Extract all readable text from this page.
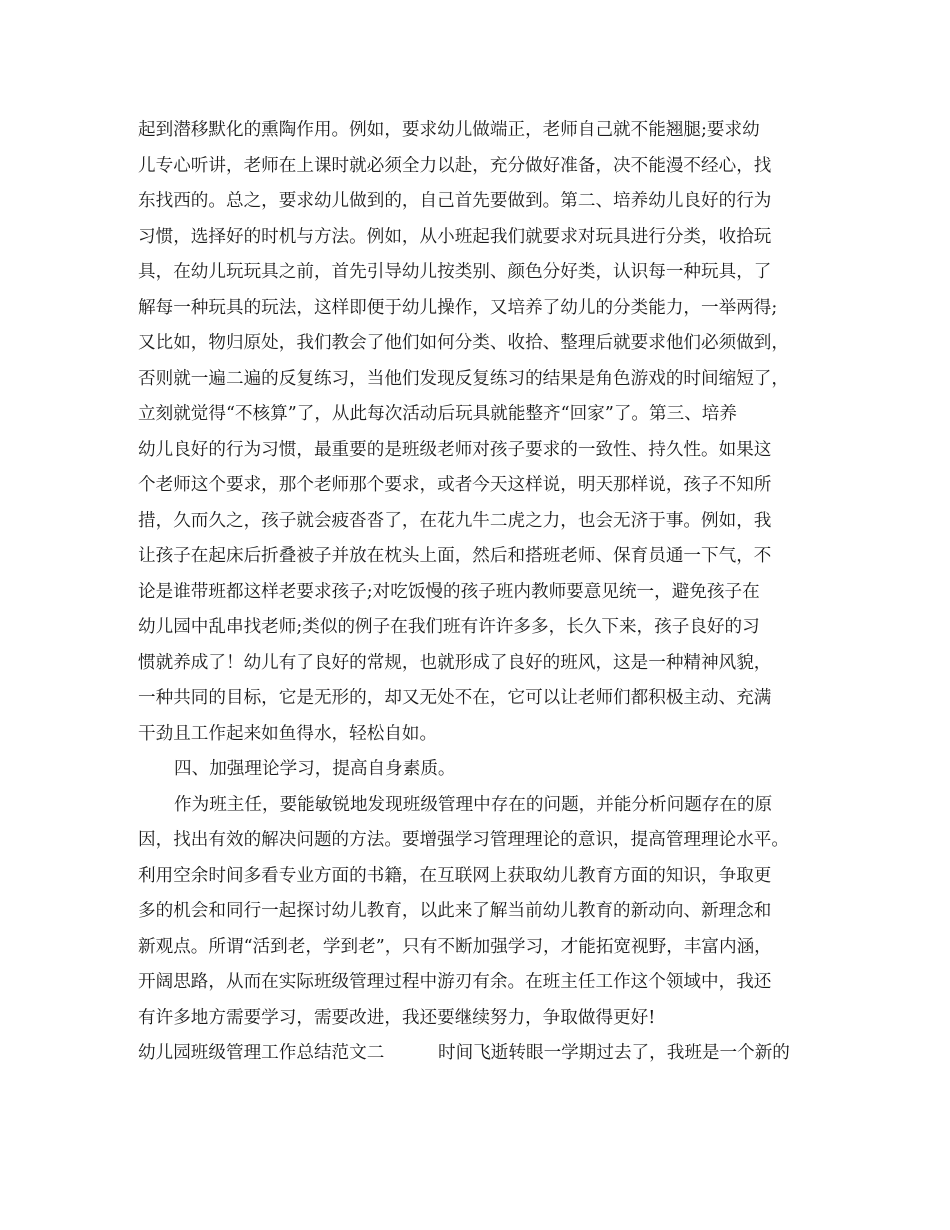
起到潜移默化的熏陶作用。例如，要求幼儿做端正，老师自己就不能翘腿;要求幼
儿专心听讲，老师在上课时就必须全力以赴，充分做好准备，决不能漫不经心，找
东找西的。总之，要求幼儿做到的，自己首先要做到。第二、培养幼儿良好的行为
习惯，选择好的时机与方法。例如，从小班起我们就要求对玩具进行分类，收拾玩
具，在幼儿玩玩具之前，首先引导幼儿按类别、颜色分好类，认识每一种玩具，了
解每一种玩具的玩法，这样即便于幼儿操作，又培养了幼儿的分类能力，一举两得;
又比如，物归原处，我们教会了他们如何分类、收拾、整理后就要求他们必须做到，
否则就一遍二遍的反复练习，当他们发现反复练习的结果是角色游戏的时间缩短了，
立刻就觉得“不核算”了，从此每次活动后玩具就能整齐“回家”了。第三、培养
幼儿良好的行为习惯，最重要的是班级老师对孩子要求的一致性、持久性。如果这
个老师这个要求，那个老师那个要求，或者今天这样说，明天那样说，孩子不知所
措，久而久之，孩子就会疲沓沓了，在花九牛二虎之力，也会无济于事。例如，我
让孩子在起床后折叠被子并放在枕头上面，然后和搭班老师、保育员通一下气，不
论是谁带班都这样老要求孩子;对吃饭慢的孩子班内教师要意见统一，避免孩子在
幼儿园中乱串找老师;类似的例子在我们班有许许多多，长久下来，孩子良好的习
惯就养成了！幼儿有了良好的常规，也就形成了良好的班风，这是一种精神风貌，
一种共同的目标，它是无形的，却又无处不在，它可以让老师们都积极主动、充满
干劲且工作起来如鱼得水，轻松自如。
四、加强理论学习，提高自身素质。
作为班主任，要能敏锐地发现班级管理中存在的问题，并能分析问题存在的原
因，找出有效的解决问题的方法。要增强学习管理理论的意识，提高管理理论水平。
利用空余时间多看专业方面的书籍，在互联网上获取幼儿教育方面的知识，争取更
多的机会和同行一起探讨幼儿教育，以此来了解当前幼儿教育的新动向、新理念和
新观点。所谓“活到老，学到老”，只有不断加强学习，才能拓宽视野，丰富内涵，
开阔思路，从而在实际班级管理过程中游刃有余。在班主任工作这个领域中，我还
有许多地方需要学习，需要改进，我还要继续努力，争取做得更好!
幼儿园班级管理工作总结范文二	时间飞逝转眼一学期过去了，我班是一个新的
